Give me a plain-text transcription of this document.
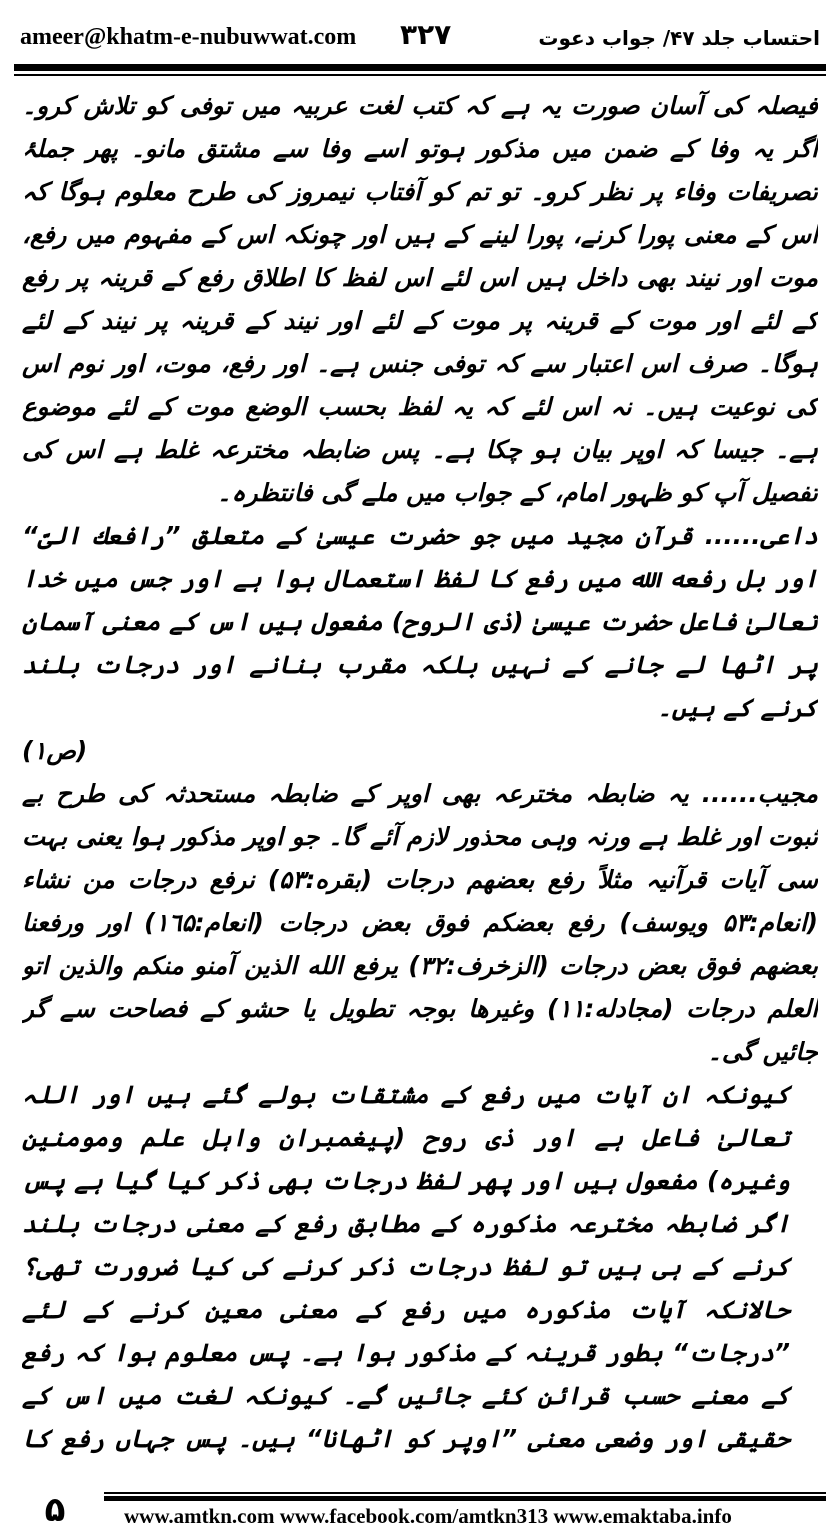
ameer@khatm-e-nubuwwat.com ۳۲۷	احتساب جلد ۴۷/ جواب دعوت

فیصلہ کی آسان صورت یہ ہے کہ کتب لغت عربیہ میں توفی کو تلاش کرو۔ اگر یہ وفا کے ضمن میں مذکور ہوتو اسے وفا سے مشتق مانو۔ پھر جملۂ تصریفات وفاء پر نظر کرو۔ تو تم کو آفتاب نیمروز کی طرح معلوم ہوگا کہ اس کے معنی پورا کرنے، پورا لینے کے ہیں اور چونکہ اس کے مفہوم میں رفع، موت اور نیند بھی داخل ہیں اس لئے اس لفظ کا اطلاق رفع کے قرینہ پر رفع کے لئے اور موت کے قرینہ پر موت کے لئے اور نیند کے قرینہ پر نیند کے لئے ہوگا۔ صرف اس اعتبار سے کہ توفی جنس ہے۔ اور رفع، موت، اور نوم اس کی نوعیت ہیں۔ نہ اس لئے کہ یہ لفظ بحسب الوضع موت کے لئے موضوع ہے۔ جیسا کہ اوپر بیان ہو چکا ہے۔ پس ضابطہ مخترعہ غلط ہے اس کی تفصیل آپ کو ظہور امام، کے جواب میں ملے گی فانتظرہ۔

داعی...... قرآن مجید میں جو حضرت عیسیٰ کے متعلق ”رافعك الیّ“ اور بل رفعه الله میں رفع کا لفظ استعمال ہوا ہے اور جس میں خدا تعالیٰ فاعل حضرت عیسیٰ (ذی الروح) مفعول ہیں اس کے معنی آسمان پر اٹھا لے جانے کے نہیں بلکہ مقرب بنانے اور درجات بلند کرنے کے ہیں۔
(ص۱)

مجیب...... یہ ضابطہ مخترعہ بھی اوپر کے ضابطہ مستحدثہ کی طرح بے ثبوت اور غلط ہے ورنہ وہی محذور لازم آئے گا۔ جو اوپر مذکور ہوا یعنی بہت سی آیات قرآنیہ مثلاً رفع بعضهم درجات (بقره:۵۳) نرفع درجات من نشاء (انعام:۵۳ ویوسف) رفع بعضکم فوق بعض درجات (انعام:۱٦۵) اور ورفعنا بعضهم فوق بعض درجات (الزخرف:۳۲) یرفع الله الذین آمنو منکم والذین اتو العلم درجات (مجادله:۱۱) وغیرها بوجہ تطویل یا حشو کے فصاحت سے گر جائیں گی۔

کیونکہ ان آیات میں رفع کے مشتقات بولے گئے ہیں اور اللہ تعالیٰ فاعل ہے اور ذی روح (پیغمبران واہل علم ومومنین وغیرہ) مفعول ہیں اور پھر لفظ درجات بھی ذکر کیا گیا ہے پس اگر ضابطہ مخترعہ مذکورہ کے مطابق رفع کے معنی درجات بلند کرنے کے ہی ہیں تو لفظ درجات ذکر کرنے کی کیا ضرورت تھی؟ حالانکہ آیات مذکورہ میں رفع کے معنی معین کرنے کے لئے ”درجات“ بطور قرینہ کے مذکور ہوا ہے۔ پس معلوم ہوا کہ رفع کے معنے حسب قرائن کئے جائیں گے۔ کیونکہ لغت میں اس کے حقیقی اور وضعی معنی ”اوپر کو اٹھانا“ ہیں۔ پس جہاں رفع کا

۵	www.amtkn.com www.facebook.com/amtkn313 www.emaktaba.info
